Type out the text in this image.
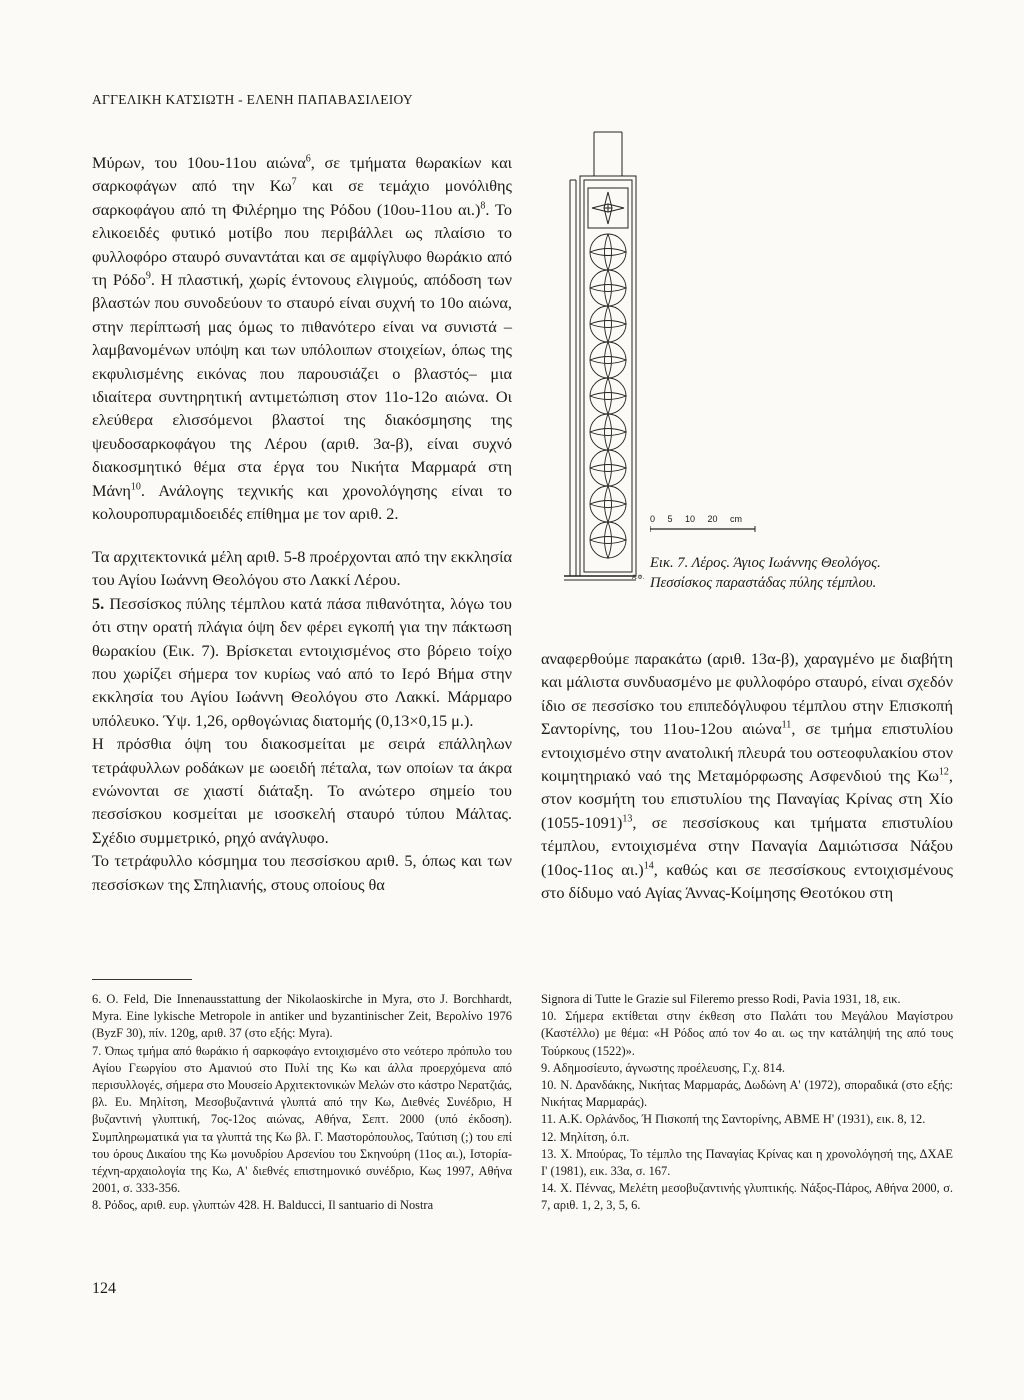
ΑΓΓΕΛΙΚΗ ΚΑΤΣΙΩΤΗ - ΕΛΕΝΗ ΠΑΠΑΒΑΣΙΛΕΙΟΥ

Μύρων, του 10ου-11ου αιώνα$^6$, σε τμήματα θωρακίων και σαρκοφάγων από την $K\omega^7$ και σε τεμάχιο μονόλιθης σαρκοφάγου από τη Φιλέρημο της Ρόδου (10ου-11ου αι.)$^8$. Το ελικοειδές φυτικό μοτίβο που περιβάλλει ως πλαίσιο το φυλλοφόρο σταυρό συναντάται και σε αμφίγλυφο θωράκιο από τη Ρόδο$^9$. Η πλαστική, χωρίς έντονους ελιγμούς, απόδοση των βλαστών που συνοδεύουν το σταυρό είναι συχνή το 10ο αιώνα, στην περίπτωσή μας όμως το πιθανότερο είναι να συνιστά –λαμβανομένων υπόψη και των υπόλοιπων στοιχείων, όπως της εκφυλισμένης εικόνας που παρουσιάζει ο βλαστός– μια ιδιαίτερα συντηρητική αντιμετώπιση στον 11ο-12ο αιώνα. Οι ελεύθερα ελισσόμενοι βλαστοί της διακόσμησης της ψευδοσαρκοφάγου της Λέρου (αριθ. 3α-β), είναι συχνό διακοσμητικό θέμα στα έργα του Νικήτα Μαρμαρά στη Μάνη$^{10}$. Ανάλογης τεχνικής και χρονολόγησης είναι το κολουροπυραμιδοειδές επίθημα με τον αριθ. 2.

Τα αρχιτεκτονικά μέλη αριθ. 5-8 προέρχονται από την εκκλησία του Αγίου Ιωάννη Θεολόγου στο Λακκί Λέρου.

5. Πεσσίσκος πύλης τέμπλου κατά πάσα πιθανότητα, λόγω του ότι στην ορατή πλάγια όψη δεν φέρει εγκοπή για την πάκτωση θωρακίου (Εικ. 7). Βρίσκεται εντοιχισμένος στο βόρειο τοίχο που χωρίζει σήμερα τον κυρίως ναό από το Ιερό Βήμα στην εκκλησία του Αγίου Ιωάννη Θεολόγου στο Λακκί. Μάρμαρο υπόλευκο. Ύψ. 1,26, ορθογώνιας διατομής (0,13×0,15 μ.).

Η πρόσθια όψη του διακοσμείται με σειρά επάλληλων τετράφυλλων ροδάκων με ωοειδή πέταλα, των οποίων τα άκρα ενώνονται σε χιαστί διάταξη. Το ανώτερο σημείο του πεσσίσκου κοσμείται με ισοσκελή σταυρό τύπου Μάλτας. Σχέδιο συμμετρικό, ρηχό ανάγλυφο.

Το τετράφυλλο κόσμημα του πεσσίσκου αριθ. 5, όπως και των πεσσίσκων της Σπηλιανής, στους οποίους θα

Α.Φ.
0 5 10 20 cm
Εικ. 7. Λέρος. Άγιος Ιωάννης Θεολόγος.
Πεσσίσκος παραστάδας πύλης τέμπλου.

αναφερθούμε παρακάτω (αριθ. 13α-β), χαραγμένο με διαβήτη και μάλιστα συνδυασμένο με φυλλοφόρο σταυρό, είναι σχεδόν ίδιο σε πεσσίσκο του επιπεδόγλυφου τέμπλου στην Επισκοπή Σαντορίνης, του 11ου-12ου αιώνα$^{11}$, σε τμήμα επιστυλίου εντοιχισμένο στην ανατολική πλευρά του οστεοφυλακίου στον κοιμητηριακό ναό της Μεταμόρφωσης Ασφενδιού της $K\omega^{12}$, στον κοσμήτη του επιστυλίου της Παναγίας Κρίνας στη Χίο (1055-1091)$^{13}$, σε πεσσίσκους και τμήματα επιστυλίου τέμπλου, εντοιχισμένα στην Παναγία Δαμιώτισσα Νάξου (10ος-11ος αι.)$^{14}$, καθώς και σε πεσσίσκους εντοιχισμένους στο δίδυμο ναό Αγίας Άννας-Κοίμησης Θεοτόκου στη

6. O. Feld, Die Innenausstattung der Nikolaoskirche in Myra, στο J. Borchhardt, Myra. Eine lykische Metropole in antiker und byzantinischer Zeit, Βερολίνο 1976 (ByzF 30), πίν. 120g, αριθ. 37 (στο εξής: Myra).

7. Όπως τμήμα από θωράκιο ή σαρκοφάγο εντοιχισμένο στο νεότερο πρόπυλο του Αγίου Γεωργίου στο Αμανιού στο Πυλί της Κω και άλλα προερχόμενα από περισυλλογές, σήμερα στο Μουσείο Αρχιτεκτονικών Μελών στο κάστρο Νερατζιάς, βλ. Ευ. Μηλίτση, Μεσοβυζαντινά γλυπτά από την Κω, Διεθνές Συνέδριο, Η βυζαντινή γλυπτική, 7ος-12ος αιώνας, Αθήνα, Σεπτ. 2000 (υπό έκδοση). Συμπληρωματικά για τα γλυπτά της Κω βλ. Γ. Μαστορόπουλος, Ταύτιση (;) του επί του όρους Δικαίου της Κω μονυδρίου Αρσενίου του Σκηνούρη (11ος αι.), Ιστορία-τέχνη-αρχαιολογία της Κω, Α' διεθνές επιστημονικό συνέδριο, Κως 1997, Αθήνα 2001, σ. 333-356.

8. Ρόδος, αριθ. ευρ. γλυπτών 428. H. Balducci, Il santuario di Nostra

Signora di Tutte le Grazie sul Fileremo presso Rodi, Pavia 1931, 18, εικ.

10. Σήμερα εκτίθεται στην έκθεση στο Παλάτι του Μεγάλου Μαγίστρου (Καστέλλο) με θέμα: «Η Ρόδος από τον 4ο αι. ως την κατάληψή της από τους Τούρκους (1522)».

9. Αδημοσίευτο, άγνωστης προέλευσης, Γ.χ. 814.

10. Ν. Δρανδάκης, Νικήτας Μαρμαράς, Δωδώνη Α' (1972), σποραδικά (στο εξής: Νικήτας Μαρμαράς).

11. Α.Κ. Ορλάνδος, Ή Πισκοπή της Σαντορίνης, ΑΒΜΕ Η' (1931), εικ. 8, 12.

12. Μηλίτση, ό.π.

13. Χ. Μπούρας, Το τέμπλο της Παναγίας Κρίνας και η χρονολόγησή της, ΔΧΑΕ Ι' (1981), εικ. 33α, σ. 167.

14. Χ. Πέννας, Μελέτη μεσοβυζαντινής γλυπτικής. Νάξος-Πάρος, Αθήνα 2000, σ. 7, αριθ. 1, 2, 3, 5, 6.

124
